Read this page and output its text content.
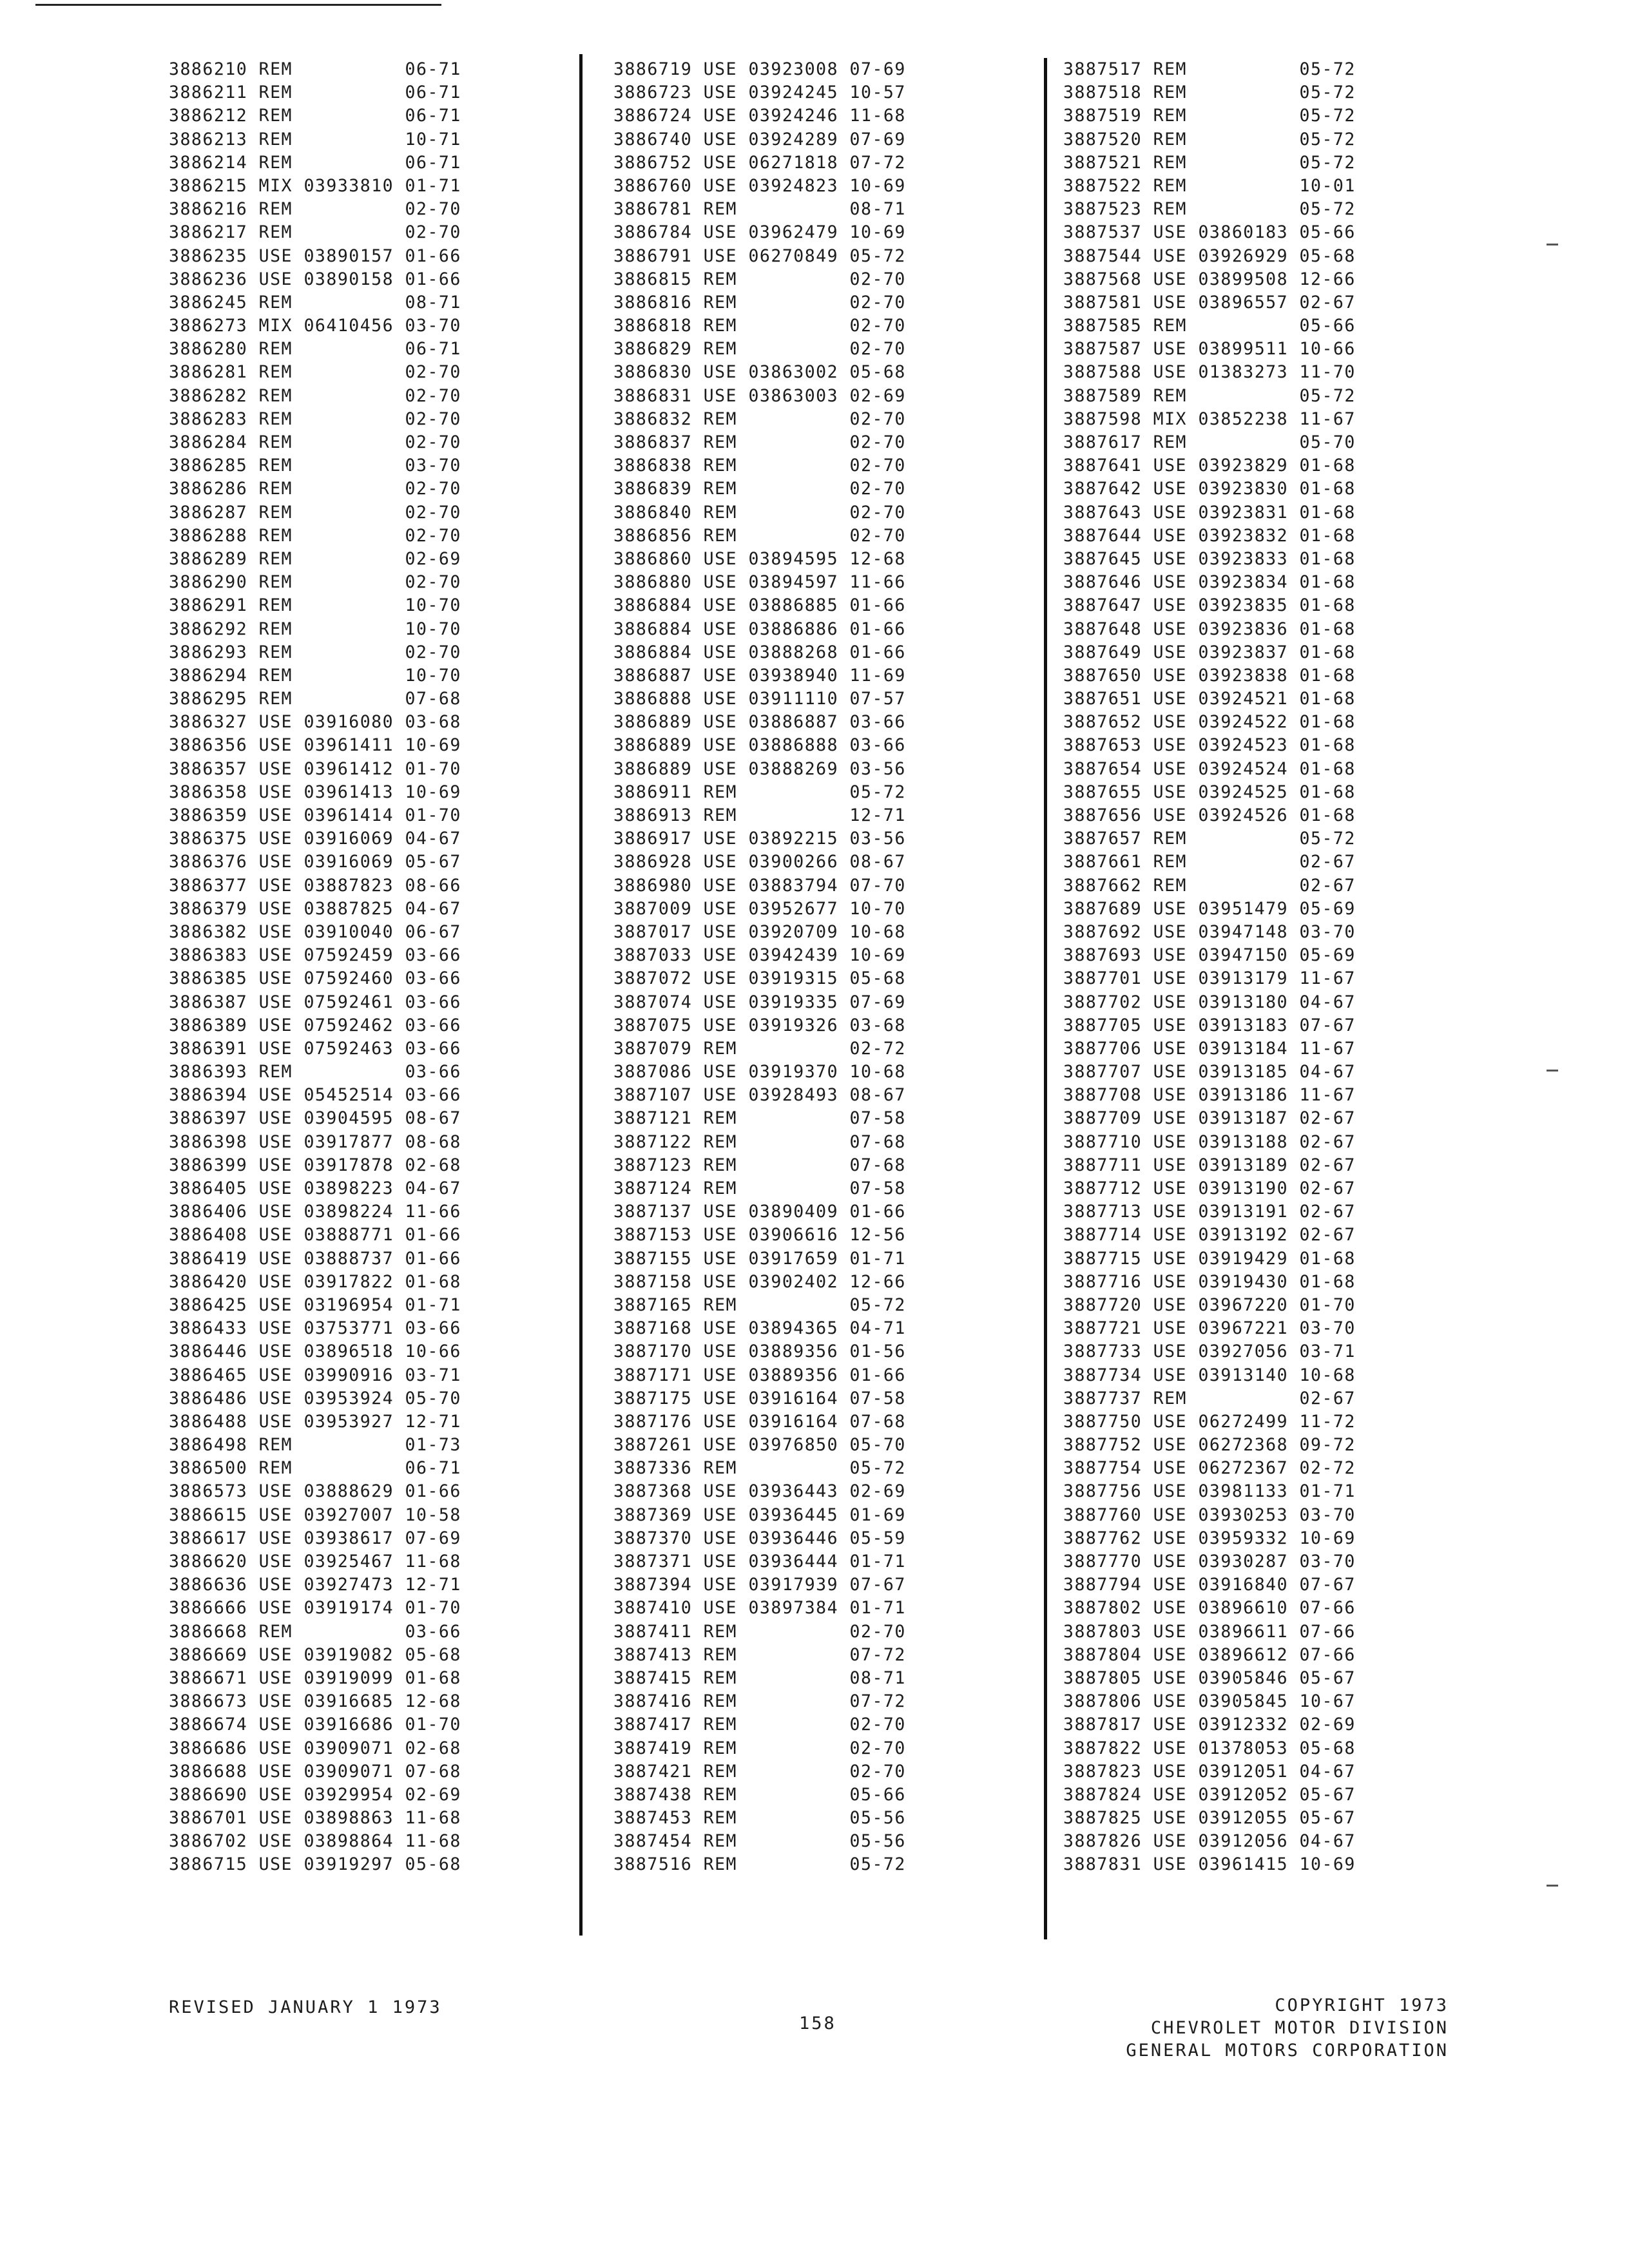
3886210 REM          06-71
3886211 REM          06-71
3886212 REM          06-71
3886213 REM          10-71
3886214 REM          06-71
3886215 MIX 03933810 01-71
3886216 REM          02-70
3886217 REM          02-70
3886235 USE 03890157 01-66
3886236 USE 03890158 01-66
3886245 REM          08-71
3886273 MIX 06410456 03-70
3886280 REM          06-71
3886281 REM          02-70
3886282 REM          02-70
3886283 REM          02-70
3886284 REM          02-70
3886285 REM          03-70
3886286 REM          02-70
3886287 REM          02-70
3886288 REM          02-70
3886289 REM          02-69
3886290 REM          02-70
3886291 REM          10-70
3886292 REM          10-70
3886293 REM          02-70
3886294 REM          10-70
3886295 REM          07-68
3886327 USE 03916080 03-68
3886356 USE 03961411 10-69
3886357 USE 03961412 01-70
3886358 USE 03961413 10-69
3886359 USE 03961414 01-70
3886375 USE 03916069 04-67
3886376 USE 03916069 05-67
3886377 USE 03887823 08-66
3886379 USE 03887825 04-67
3886382 USE 03910040 06-67
3886383 USE 07592459 03-66
3886385 USE 07592460 03-66
3886387 USE 07592461 03-66
3886389 USE 07592462 03-66
3886391 USE 07592463 03-66
3886393 REM          03-66
3886394 USE 05452514 03-66
3886397 USE 03904595 08-67
3886398 USE 03917877 08-68
3886399 USE 03917878 02-68
3886405 USE 03898223 04-67
3886406 USE 03898224 11-66
3886408 USE 03888771 01-66
3886419 USE 03888737 01-66
3886420 USE 03917822 01-68
3886425 USE 03196954 01-71
3886433 USE 03753771 03-66
3886446 USE 03896518 10-66
3886465 USE 03990916 03-71
3886486 USE 03953924 05-70
3886488 USE 03953927 12-71
3886498 REM          01-73
3886500 REM          06-71
3886573 USE 03888629 01-66
3886615 USE 03927007 10-58
3886617 USE 03938617 07-69
3886620 USE 03925467 11-68
3886636 USE 03927473 12-71
3886666 USE 03919174 01-70
3886668 REM          03-66
3886669 USE 03919082 05-68
3886671 USE 03919099 01-68
3886673 USE 03916685 12-68
3886674 USE 03916686 01-70
3886686 USE 03909071 02-68
3886688 USE 03909071 07-68
3886690 USE 03929954 02-69
3886701 USE 03898863 11-68
3886702 USE 03898864 11-68
3886715 USE 03919297 05-68
3886719 USE 03923008 07-69
3886723 USE 03924245 10-57
3886724 USE 03924246 11-68
3886740 USE 03924289 07-69
3886752 USE 06271818 07-72
3886760 USE 03924823 10-69
3886781 REM          08-71
3886784 USE 03962479 10-69
3886791 USE 06270849 05-72
3886815 REM          02-70
3886816 REM          02-70
3886818 REM          02-70
3886829 REM          02-70
3886830 USE 03863002 05-68
3886831 USE 03863003 02-69
3886832 REM          02-70
3886837 REM          02-70
3886838 REM          02-70
3886839 REM          02-70
3886840 REM          02-70
3886856 REM          02-70
3886860 USE 03894595 12-68
3886880 USE 03894597 11-66
3886884 USE 03886885 01-66
3886884 USE 03886886 01-66
3886884 USE 03888268 01-66
3886887 USE 03938940 11-69
3886888 USE 03911110 07-57
3886889 USE 03886887 03-66
3886889 USE 03886888 03-66
3886889 USE 03888269 03-56
3886911 REM          05-72
3886913 REM          12-71
3886917 USE 03892215 03-56
3886928 USE 03900266 08-67
3886980 USE 03883794 07-70
3887009 USE 03952677 10-70
3887017 USE 03920709 10-68
3887033 USE 03942439 10-69
3887072 USE 03919315 05-68
3887074 USE 03919335 07-69
3887075 USE 03919326 03-68
3887079 REM          02-72
3887086 USE 03919370 10-68
3887107 USE 03928493 08-67
3887121 REM          07-58
3887122 REM          07-68
3887123 REM          07-68
3887124 REM          07-58
3887137 USE 03890409 01-66
3887153 USE 03906616 12-56
3887155 USE 03917659 01-71
3887158 USE 03902402 12-66
3887165 REM          05-72
3887168 USE 03894365 04-71
3887170 USE 03889356 01-56
3887171 USE 03889356 01-66
3887175 USE 03916164 07-58
3887176 USE 03916164 07-68
3887261 USE 03976850 05-70
3887336 REM          05-72
3887368 USE 03936443 02-69
3887369 USE 03936445 01-69
3887370 USE 03936446 05-59
3887371 USE 03936444 01-71
3887394 USE 03917939 07-67
3887410 USE 03897384 01-71
3887411 REM          02-70
3887413 REM          07-72
3887415 REM          08-71
3887416 REM          07-72
3887417 REM          02-70
3887419 REM          02-70
3887421 REM          02-70
3887438 REM          05-66
3887453 REM          05-56
3887454 REM          05-56
3887516 REM          05-72
3887517 REM          05-72
3887518 REM          05-72
3887519 REM          05-72
3887520 REM          05-72
3887521 REM          05-72
3887522 REM          10-01
3887523 REM          05-72
3887537 USE 03860183 05-66
3887544 USE 03926929 05-68
3887568 USE 03899508 12-66
3887581 USE 03896557 02-67
3887585 REM          05-66
3887587 USE 03899511 10-66
3887588 USE 01383273 11-70
3887589 REM          05-72
3887598 MIX 03852238 11-67
3887617 REM          05-70
3887641 USE 03923829 01-68
3887642 USE 03923830 01-68
3887643 USE 03923831 01-68
3887644 USE 03923832 01-68
3887645 USE 03923833 01-68
3887646 USE 03923834 01-68
3887647 USE 03923835 01-68
3887648 USE 03923836 01-68
3887649 USE 03923837 01-68
3887650 USE 03923838 01-68
3887651 USE 03924521 01-68
3887652 USE 03924522 01-68
3887653 USE 03924523 01-68
3887654 USE 03924524 01-68
3887655 USE 03924525 01-68
3887656 USE 03924526 01-68
3887657 REM          05-72
3887661 REM          02-67
3887662 REM          02-67
3887689 USE 03951479 05-69
3887692 USE 03947148 03-70
3887693 USE 03947150 05-69
3887701 USE 03913179 11-67
3887702 USE 03913180 04-67
3887705 USE 03913183 07-67
3887706 USE 03913184 11-67
3887707 USE 03913185 04-67
3887708 USE 03913186 11-67
3887709 USE 03913187 02-67
3887710 USE 03913188 02-67
3887711 USE 03913189 02-67
3887712 USE 03913190 02-67
3887713 USE 03913191 02-67
3887714 USE 03913192 02-67
3887715 USE 03919429 01-68
3887716 USE 03919430 01-68
3887720 USE 03967220 01-70
3887721 USE 03967221 03-70
3887733 USE 03927056 03-71
3887734 USE 03913140 10-68
3887737 REM          02-67
3887750 USE 06272499 11-72
3887752 USE 06272368 09-72
3887754 USE 06272367 02-72
3887756 USE 03981133 01-71
3887760 USE 03930253 03-70
3887762 USE 03959332 10-69
3887770 USE 03930287 03-70
3887794 USE 03916840 07-67
3887802 USE 03896610 07-66
3887803 USE 03896611 07-66
3887804 USE 03896612 07-66
3887805 USE 03905846 05-67
3887806 USE 03905845 10-67
3887817 USE 03912332 02-69
3887822 USE 01378053 05-68
3887823 USE 03912051 04-67
3887824 USE 03912052 05-67
3887825 USE 03912055 05-67
3887826 USE 03912056 04-67
3887831 USE 03961415 10-69
REVISED JANUARY 1 1973
158
COPYRIGHT 1973
CHEVROLET MOTOR DIVISION
GENERAL MOTORS CORPORATION
